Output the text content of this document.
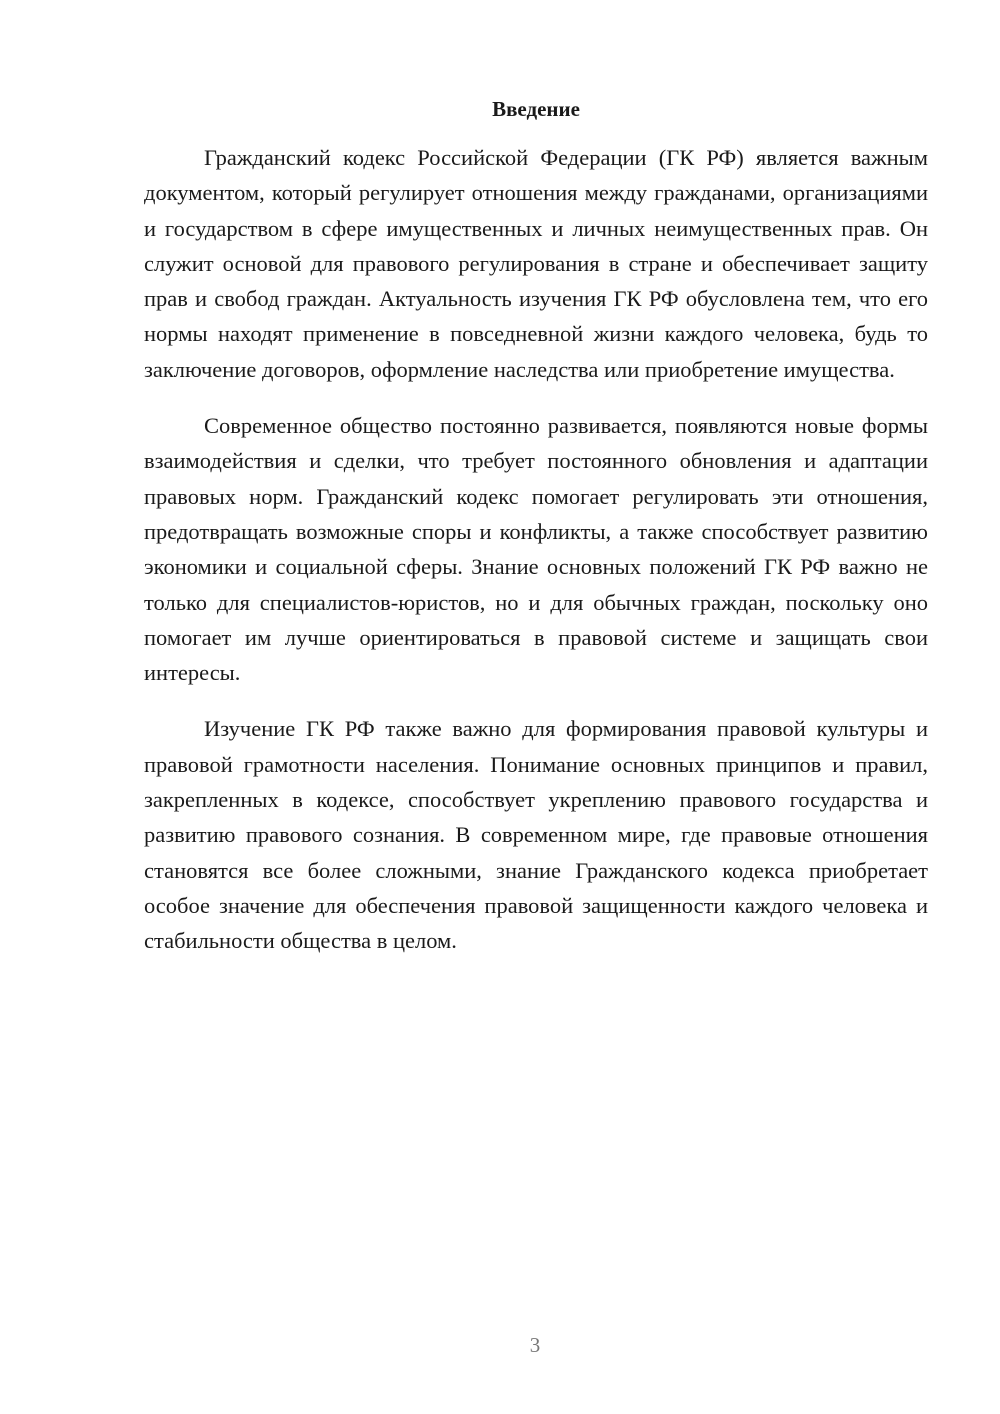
Введение

Гражданский кодекс Российской Федерации (ГК РФ) является важным документом, который регулирует отношения между гражданами, организациями и государством в сфере имущественных и личных неимущественных прав. Он служит основой для правового регулирования в стране и обеспечивает защиту прав и свобод граждан. Актуальность изучения ГК РФ обусловлена тем, что его нормы находят применение в повседневной жизни каждого человека, будь то заключение договоров, оформление наследства или приобретение имущества.

Современное общество постоянно развивается, появляются новые формы взаимодействия и сделки, что требует постоянного обновления и адаптации правовых норм. Гражданский кодекс помогает регулировать эти отношения, предотвращать возможные споры и конфликты, а также способствует развитию экономики и социальной сферы. Знание основных положений ГК РФ важно не только для специалистов-юристов, но и для обычных граждан, поскольку оно помогает им лучше ориентироваться в правовой системе и защищать свои интересы.

Изучение ГК РФ также важно для формирования правовой культуры и правовой грамотности населения. Понимание основных принципов и правил, закрепленных в кодексе, способствует укреплению правового государства и развитию правового сознания. В современном мире, где правовые отношения становятся все более сложными, знание Гражданского кодекса приобретает особое значение для обеспечения правовой защищенности каждого человека и стабильности общества в целом.

3
